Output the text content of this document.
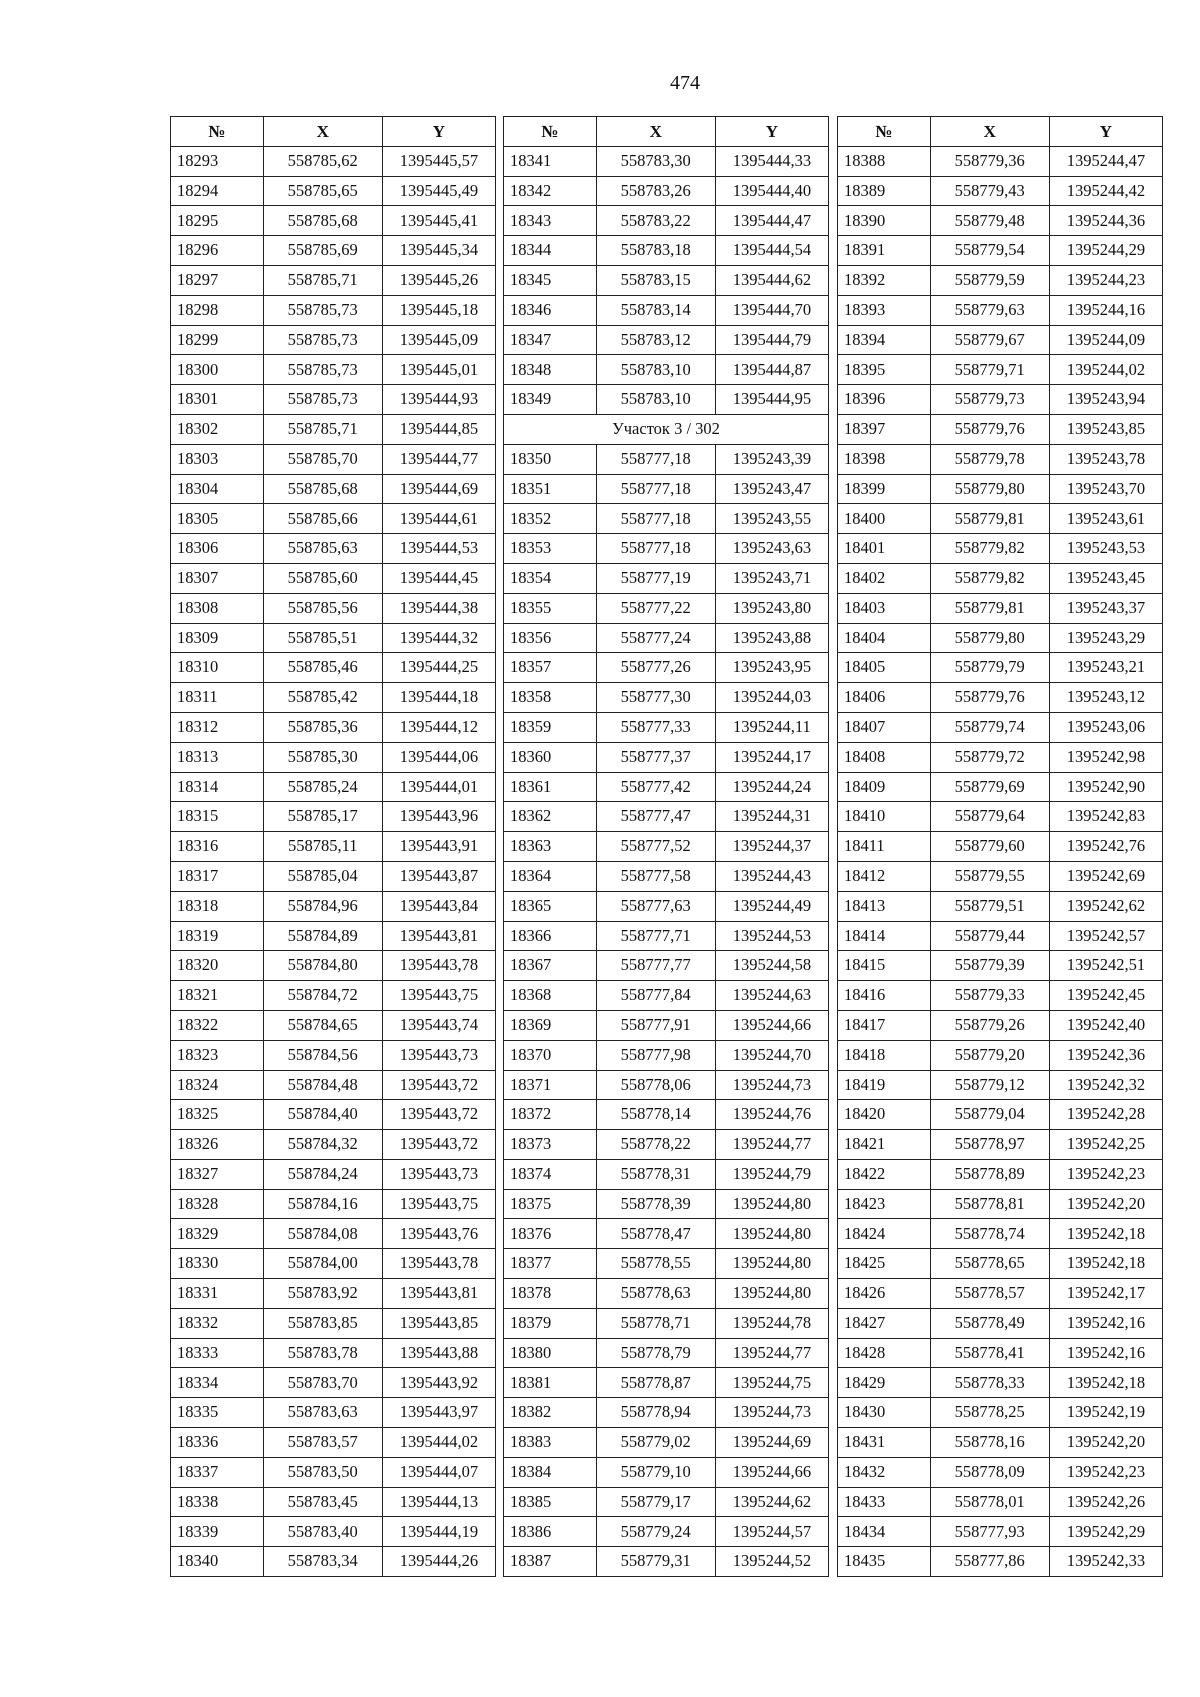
474
№	X	Y
18293	558785,62	1395445,57
18294	558785,65	1395445,49
18295	558785,68	1395445,41
18296	558785,69	1395445,34
18297	558785,71	1395445,26
18298	558785,73	1395445,18
18299	558785,73	1395445,09
18300	558785,73	1395445,01
18301	558785,73	1395444,93
18302	558785,71	1395444,85
18303	558785,70	1395444,77
18304	558785,68	1395444,69
18305	558785,66	1395444,61
18306	558785,63	1395444,53
18307	558785,60	1395444,45
18308	558785,56	1395444,38
18309	558785,51	1395444,32
18310	558785,46	1395444,25
18311	558785,42	1395444,18
18312	558785,36	1395444,12
18313	558785,30	1395444,06
18314	558785,24	1395444,01
18315	558785,17	1395443,96
18316	558785,11	1395443,91
18317	558785,04	1395443,87
18318	558784,96	1395443,84
18319	558784,89	1395443,81
18320	558784,80	1395443,78
18321	558784,72	1395443,75
18322	558784,65	1395443,74
18323	558784,56	1395443,73
18324	558784,48	1395443,72
18325	558784,40	1395443,72
18326	558784,32	1395443,72
18327	558784,24	1395443,73
18328	558784,16	1395443,75
18329	558784,08	1395443,76
18330	558784,00	1395443,78
18331	558783,92	1395443,81
18332	558783,85	1395443,85
18333	558783,78	1395443,88
18334	558783,70	1395443,92
18335	558783,63	1395443,97
18336	558783,57	1395444,02
18337	558783,50	1395444,07
18338	558783,45	1395444,13
18339	558783,40	1395444,19
18340	558783,34	1395444,26
№	X	Y
18341	558783,30	1395444,33
18342	558783,26	1395444,40
18343	558783,22	1395444,47
18344	558783,18	1395444,54
18345	558783,15	1395444,62
18346	558783,14	1395444,70
18347	558783,12	1395444,79
18348	558783,10	1395444,87
18349	558783,10	1395444,95
Участок 3 / 302		
18350	558777,18	1395243,39
18351	558777,18	1395243,47
18352	558777,18	1395243,55
18353	558777,18	1395243,63
18354	558777,19	1395243,71
18355	558777,22	1395243,80
18356	558777,24	1395243,88
18357	558777,26	1395243,95
18358	558777,30	1395244,03
18359	558777,33	1395244,11
18360	558777,37	1395244,17
18361	558777,42	1395244,24
18362	558777,47	1395244,31
18363	558777,52	1395244,37
18364	558777,58	1395244,43
18365	558777,63	1395244,49
18366	558777,71	1395244,53
18367	558777,77	1395244,58
18368	558777,84	1395244,63
18369	558777,91	1395244,66
18370	558777,98	1395244,70
18371	558778,06	1395244,73
18372	558778,14	1395244,76
18373	558778,22	1395244,77
18374	558778,31	1395244,79
18375	558778,39	1395244,80
18376	558778,47	1395244,80
18377	558778,55	1395244,80
18378	558778,63	1395244,80
18379	558778,71	1395244,78
18380	558778,79	1395244,77
18381	558778,87	1395244,75
18382	558778,94	1395244,73
18383	558779,02	1395244,69
18384	558779,10	1395244,66
18385	558779,17	1395244,62
18386	558779,24	1395244,57
18387	558779,31	1395244,52
№	X	Y
18388	558779,36	1395244,47
18389	558779,43	1395244,42
18390	558779,48	1395244,36
18391	558779,54	1395244,29
18392	558779,59	1395244,23
18393	558779,63	1395244,16
18394	558779,67	1395244,09
18395	558779,71	1395244,02
18396	558779,73	1395243,94
18397	558779,76	1395243,85
18398	558779,78	1395243,78
18399	558779,80	1395243,70
18400	558779,81	1395243,61
18401	558779,82	1395243,53
18402	558779,82	1395243,45
18403	558779,81	1395243,37
18404	558779,80	1395243,29
18405	558779,79	1395243,21
18406	558779,76	1395243,12
18407	558779,74	1395243,06
18408	558779,72	1395242,98
18409	558779,69	1395242,90
18410	558779,64	1395242,83
18411	558779,60	1395242,76
18412	558779,55	1395242,69
18413	558779,51	1395242,62
18414	558779,44	1395242,57
18415	558779,39	1395242,51
18416	558779,33	1395242,45
18417	558779,26	1395242,40
18418	558779,20	1395242,36
18419	558779,12	1395242,32
18420	558779,04	1395242,28
18421	558778,97	1395242,25
18422	558778,89	1395242,23
18423	558778,81	1395242,20
18424	558778,74	1395242,18
18425	558778,65	1395242,18
18426	558778,57	1395242,17
18427	558778,49	1395242,16
18428	558778,41	1395242,16
18429	558778,33	1395242,18
18430	558778,25	1395242,19
18431	558778,16	1395242,20
18432	558778,09	1395242,23
18433	558778,01	1395242,26
18434	558777,93	1395242,29
18435	558777,86	1395242,33
